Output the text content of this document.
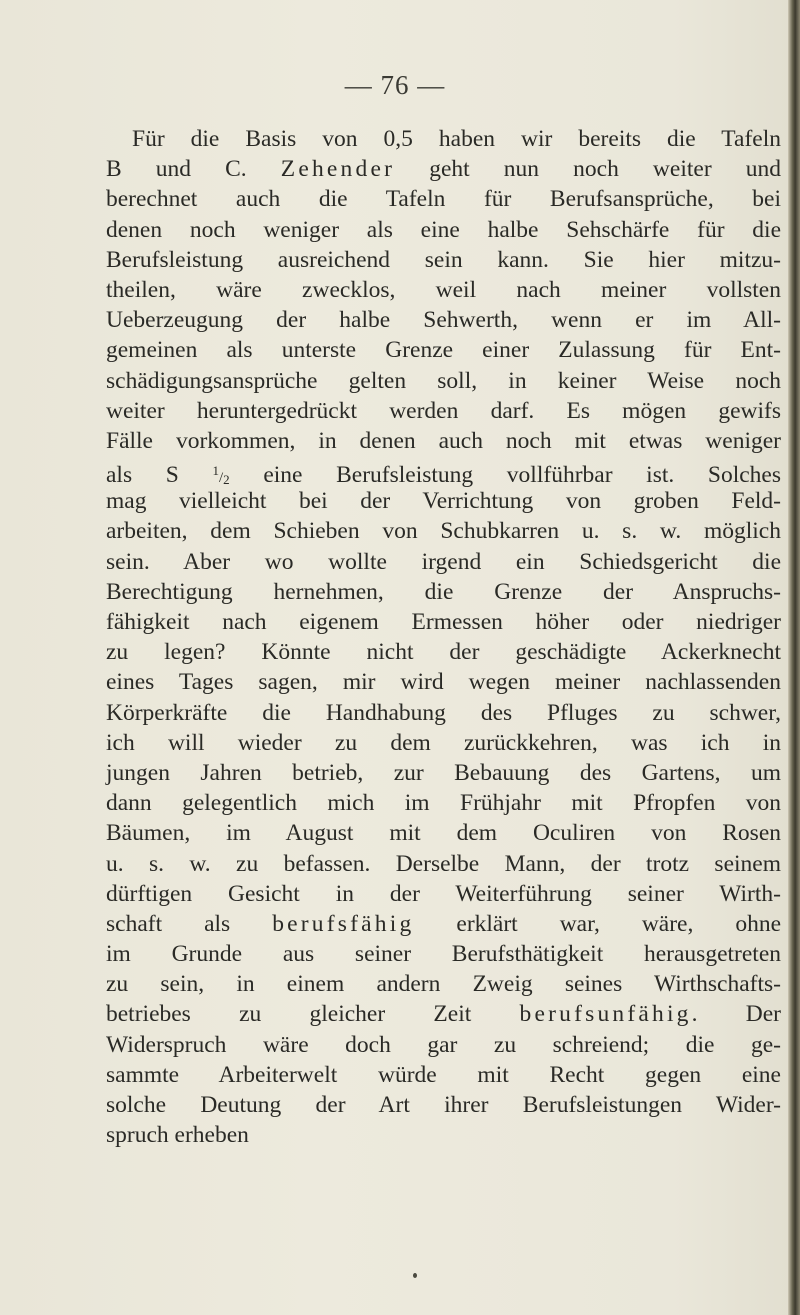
— 76 —
Für die Basis von 0,5 haben wir bereits die Tafeln
B und C. Zehender geht nun noch weiter und
berechnet auch die Tafeln für Berufsansprüche, bei
denen noch weniger als eine halbe Sehschärfe für die
Berufsleistung ausreichend sein kann. Sie hier mitzu-
theilen, wäre zwecklos, weil nach meiner vollsten
Ueberzeugung der halbe Sehwerth, wenn er im All-
gemeinen als unterste Grenze einer Zulassung für Ent-
schädigungsansprüche gelten soll, in keiner Weise noch
weiter heruntergedrückt werden darf. Es mögen gewifs
Fälle vorkommen, in denen auch noch mit etwas weniger
als S	$^1/_2$ eine Berufsleistung vollführbar ist. Solches
mag vielleicht bei der Verrichtung von groben Feld-
arbeiten, dem Schieben von Schubkarren u. s. w. möglich
sein. Aber wo wollte irgend ein Schiedsgericht die
Berechtigung hernehmen, die Grenze der Anspruchs-
fähigkeit nach eigenem Ermessen höher oder niedriger
zu legen? Könnte nicht der geschädigte Ackerknecht
eines Tages sagen, mir wird wegen meiner nachlassenden
Körperkräfte die Handhabung des Pfluges zu schwer,
ich will wieder zu dem zurückkehren, was ich in
jungen Jahren betrieb, zur Bebauung des Gartens, um
dann gelegentlich mich im Frühjahr mit Pfropfen von
Bäumen, im August mit dem Oculiren von Rosen
u. s. w. zu befassen. Derselbe Mann, der trotz seinem
dürftigen Gesicht in der Weiterführung seiner Wirth-
schaft als berufsfähig erklärt war, wäre, ohne
im Grunde aus seiner Berufsthätigkeit herausgetreten
zu sein, in einem andern Zweig seines Wirthschafts-
betriebes zu gleicher Zeit berufsunfähig. Der
Widerspruch wäre doch gar zu schreiend; die ge-
sammte Arbeiterwelt würde mit Recht gegen eine
solche Deutung der Art ihrer Berufsleistungen Wider-
spruch erheben
